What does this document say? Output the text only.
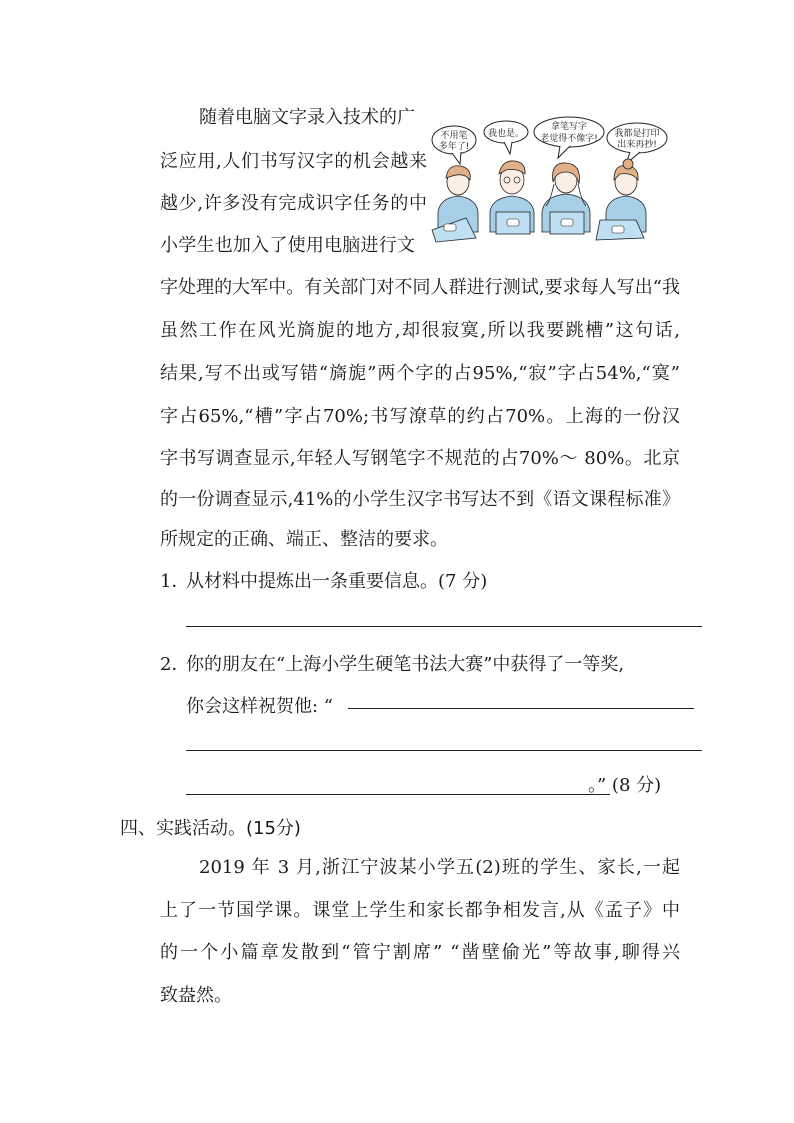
随着电脑文字录入技术的广
泛应用,人们书写汉字的机会越来
越少,许多没有完成识字任务的中
小学生也加入了使用电脑进行文
不用笔
多年了!
我也是。
拿笔写字
老觉得不像字! 我都是打印
出来再抄!
字处理的大军中。有关部门对不同人群进行测试,要求每人写出“我
虽然工作在风光旖旎的地方,却很寂寞,所以我要跳槽”这句话,
结果,写不出或写错“旖旎”两个字的占95%,“寂”字占54%,“寞”
字占65%,“槽”字占70%;书写潦草的约占70%。上海的一份汉
字书写调查显示,年轻人写钢笔字不规范的占70%～ 80%。北京
的一份调查显示,41%的小学生汉字书写达不到《语文课程标准》
所规定的正确、端正、整洁的要求。
1．
从材料中提炼出一条重要信息。(7 分)
2．
你的朋友在“上海小学生硬笔书法大赛”中获得了一等奖,
你会这样祝贺他: “
。” (8 分)
四、实践活动。(15分)
2019 年 3 月,浙江宁波某小学五(2)班的学生、家长,一起
上了一节国学课。课堂上学生和家长都争相发言,从《孟子》中
的一个小篇章发散到“管宁割席” “凿壁偷光”等故事,聊得兴
致盎然。
